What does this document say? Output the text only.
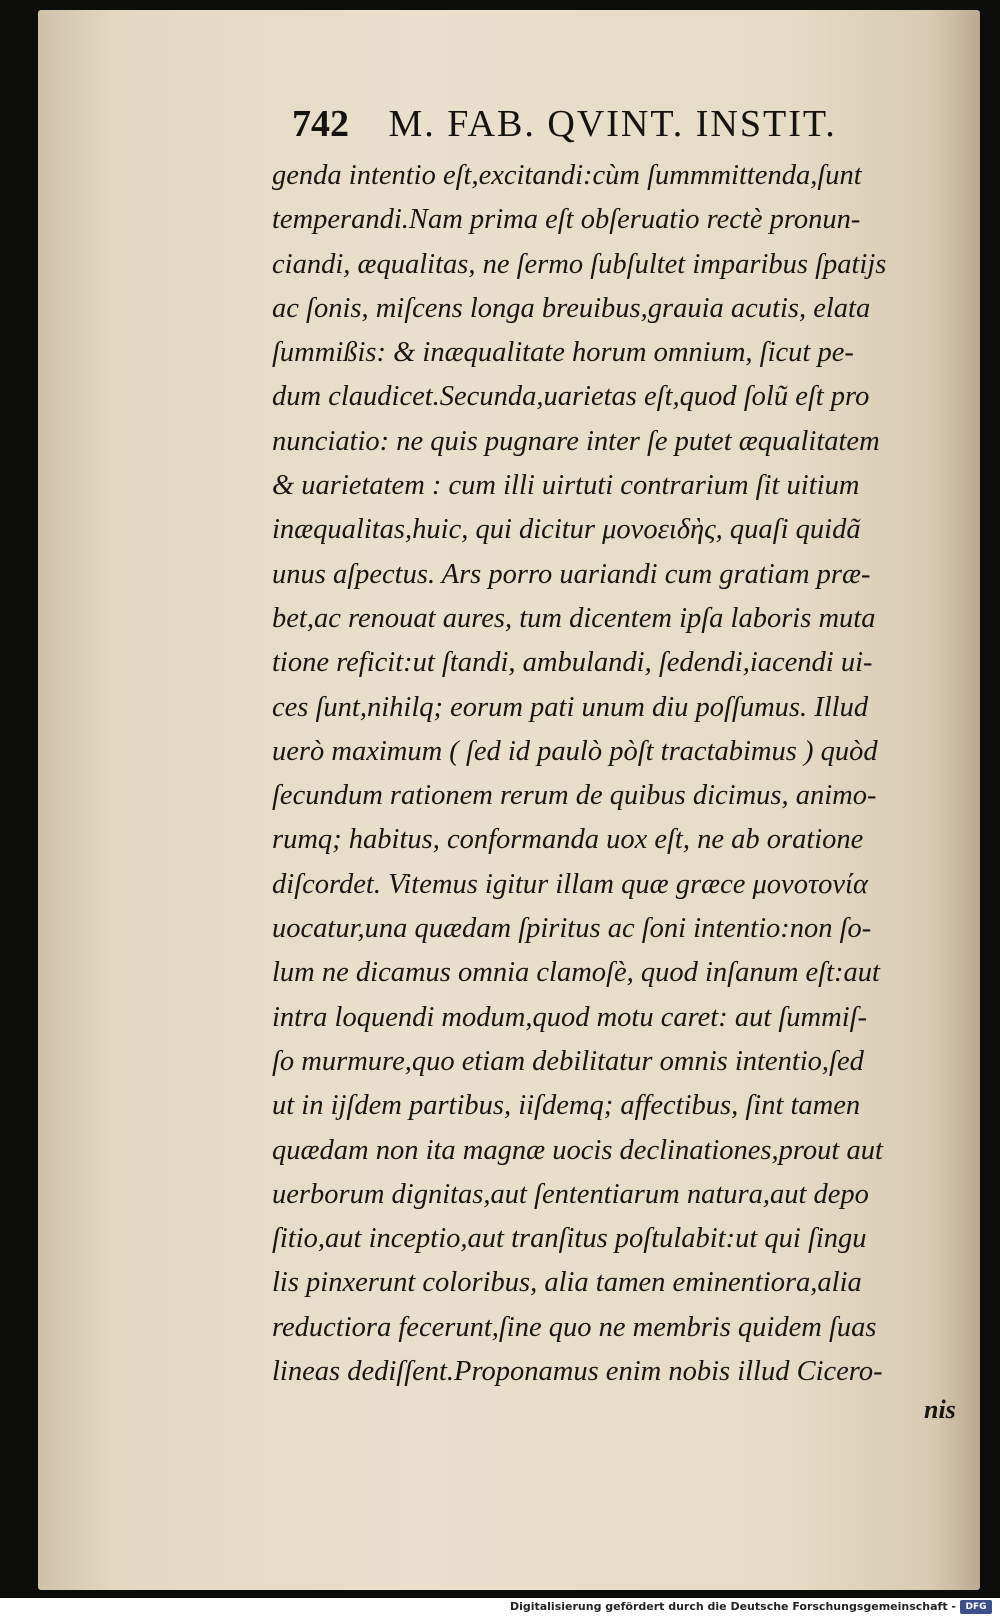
742 M. FAB. QVINT. INSTIT.
genda intentio eſt,excitandi:cùm ſummmittenda,ſunt
temperandi.Nam prima eſt obſeruatio rectè pronun-
ciandi, æqualitas, ne ſermo ſubſultet imparibus ſpatijs
ac ſonis, miſcens longa breuibus,grauia acutis, elata
ſummißis: & inæqualitate horum omnium, ſicut pe-
dum claudicet.Secunda,uarietas eſt,quod ſolũ eſt pro
nunciatio: ne quis pugnare inter ſe putet æqualitatem
& uarietatem : cum illi uirtuti contrarium ſit uitium
inæqualitas,huic, qui dicitur μονοειδὴς, quaſi quidã
unus aſpectus. Ars porro uariandi cum gratiam præ-
bet,ac renouat aures, tum dicentem ipſa laboris muta
tione reficit:ut ſtandi, ambulandi, ſedendi,iacendi ui-
ces ſunt,nihilq; eorum pati unum diu poſſumus. Illud
uerò maximum ( ſed id paulò pòſt tractabimus ) quòd
ſecundum rationem rerum de quibus dicimus, animo-
rumq; habitus, conformanda uox eſt, ne ab oratione
diſcordet. Vitemus igitur illam quæ græce μονοτονία
uocatur,una quædam ſpiritus ac ſoni intentio:non ſo-
lum ne dicamus omnia clamoſè, quod inſanum eſt:aut
intra loquendi modum,quod motu caret: aut ſummiſ-
ſo murmure,quo etiam debilitatur omnis intentio,ſed
ut in ijſdem partibus, iiſdemq; affectibus, ſint tamen
quædam non ita magnæ uocis declinationes,prout aut
uerborum dignitas,aut ſententiarum natura,aut depo
ſitio,aut inceptio,aut tranſitus poſtulabit:ut qui ſingu
lis pinxerunt coloribus, alia tamen eminentiora,alia
reductiora fecerunt,ſine quo ne membris quidem ſuas
lineas dediſſent.Proponamus enim nobis illud Cicero-
nis
Digitalisierung gefördert durch die Deutsche Forschungsgemeinschaft -	DFG
